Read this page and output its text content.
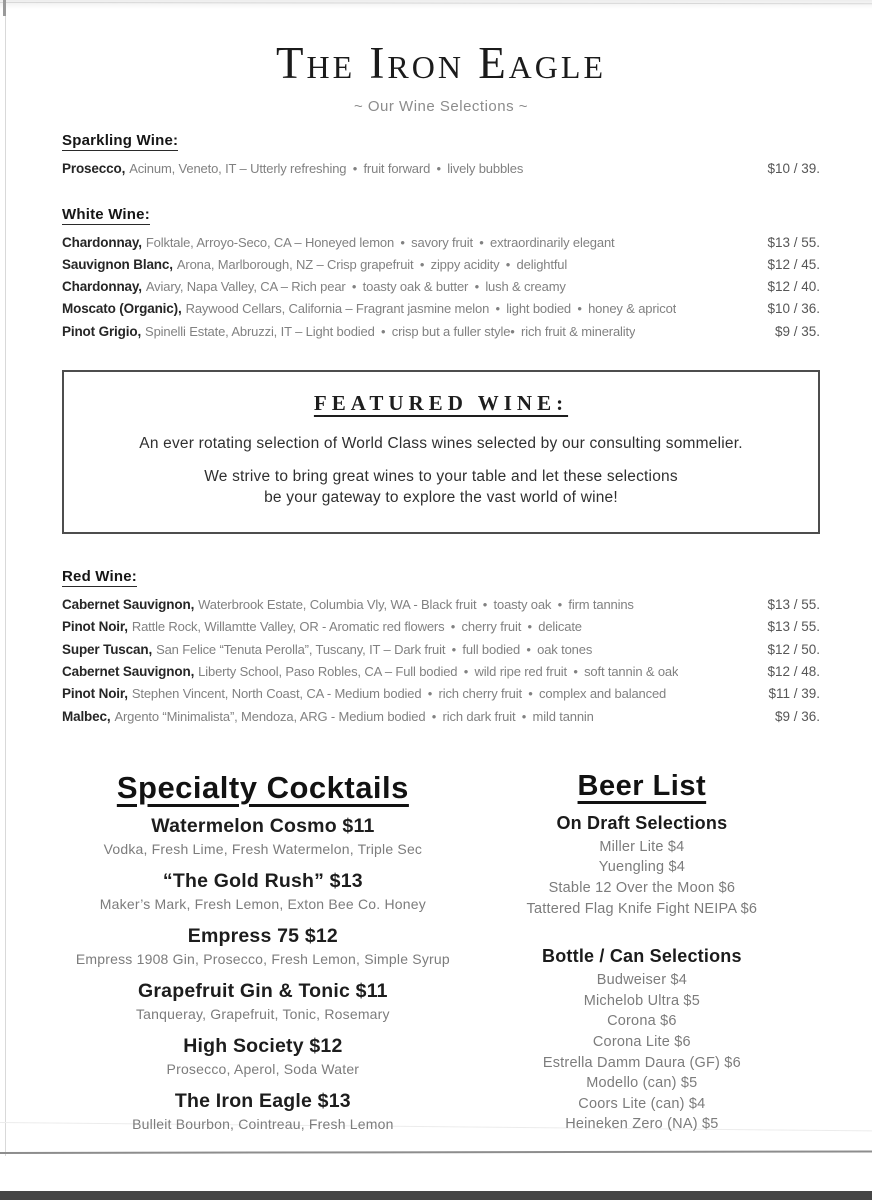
The Iron Eagle
~ Our Wine Selections ~
Sparkling Wine:
Prosecco, Acinum, Veneto, IT – Utterly refreshing • fruit forward • lively bubbles	$10 / 39.
White Wine:
Chardonnay, Folktale, Arroyo-Seco, CA – Honeyed lemon • savory fruit • extraordinarily elegant	$13 / 55.
Sauvignon Blanc, Arona, Marlborough, NZ – Crisp grapefruit • zippy acidity • delightful	$12 / 45.
Chardonnay, Aviary, Napa Valley, CA – Rich pear • toasty oak & butter • lush & creamy	$12 / 40.
Moscato (Organic), Raywood Cellars, California – Fragrant jasmine melon • light bodied • honey & apricot	$10 / 36.
Pinot Grigio, Spinelli Estate, Abruzzi, IT – Light bodied • crisp but a fuller style• rich fruit & minerality	$9 / 35.
FEATURED WINE:
An ever rotating selection of World Class wines selected by our consulting sommelier.
We strive to bring great wines to your table and let these selections
be your gateway to explore the vast world of wine!
Red Wine:
Cabernet Sauvignon, Waterbrook Estate, Columbia Vly, WA - Black fruit • toasty oak • firm tannins	$13 / 55.
Pinot Noir, Rattle Rock, Willamtte Valley, OR - Aromatic red flowers • cherry fruit • delicate	$13 / 55.
Super Tuscan, San Felice “Tenuta Perolla”, Tuscany, IT – Dark fruit • full bodied • oak tones	$12 / 50.
Cabernet Sauvignon, Liberty School, Paso Robles, CA – Full bodied • wild ripe red fruit • soft tannin & oak	$12 / 48.
Pinot Noir, Stephen Vincent, North Coast, CA - Medium bodied • rich cherry fruit • complex and balanced	$11 / 39.
Malbec, Argento “Minimalista”, Mendoza, ARG - Medium bodied • rich dark fruit • mild tannin	$9 / 36.
Specialty Cocktails
Watermelon Cosmo $11
Vodka, Fresh Lime, Fresh Watermelon, Triple Sec
“The Gold Rush” $13
Maker’s Mark, Fresh Lemon, Exton Bee Co. Honey
Empress 75 $12
Empress 1908 Gin, Prosecco, Fresh Lemon, Simple Syrup
Grapefruit Gin & Tonic $11
Tanqueray, Grapefruit, Tonic, Rosemary
High Society $12
Prosecco, Aperol, Soda Water
The Iron Eagle $13
Bulleit Bourbon, Cointreau, Fresh Lemon
Beer List
On Draft Selections
Miller Lite $4
Yuengling $4
Stable 12 Over the Moon $6
Tattered Flag Knife Fight NEIPA $6
Bottle / Can Selections
Budweiser $4
Michelob Ultra $5
Corona $6
Corona Lite $6
Estrella Damm Daura (GF) $6
Modello (can) $5
Coors Lite (can) $4
Heineken Zero (NA) $5
